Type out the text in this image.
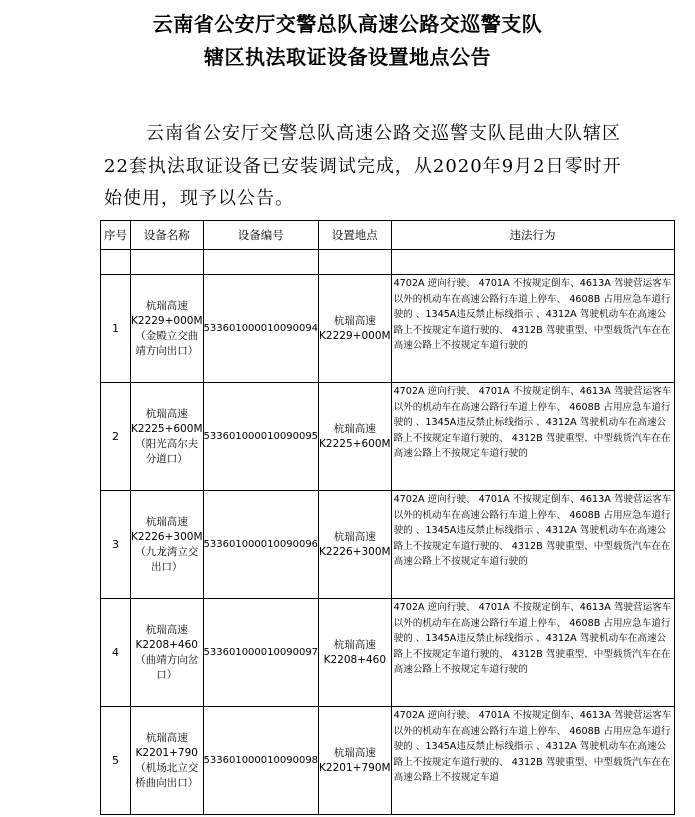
云南省公安厅交警总队高速公路交巡警支队
辖区执法取证设备设置地点公告

云南省公安厅交警总队高速公路交巡警支队昆曲大队辖区22套执法取证设备已安装调试完成，从2020年9月2日零时开始使用，现予以公告。

序号	设备名称	设备编号	设置地点	违法行为

1	杭瑞高速K2229+000M（金殿立交曲靖方向出口）	533601000010090094	杭瑞高速K2229+000M	4702A 逆向行驶、 4701A 不按规定倒车、4613A 驾驶营运客车以外的机动车在高速公路行车道上停车、 4608B 占用应急车道行驶的 、1345A违反禁止标线指示 、4312A 驾驶机动车在高速公路上不按规定车道行驶的、 4312B 驾驶重型、中型载货汽车在在高速公路上不按规定车道行驶的
2	杭瑞高速K2225+600M（阳光高尔夫分道口）	533601000010090095	杭瑞高速K2225+600M	4702A 逆向行驶、 4701A 不按规定倒车、4613A 驾驶营运客车以外的机动车在高速公路行车道上停车、 4608B 占用应急车道行驶的 、1345A违反禁止标线指示 、4312A 驾驶机动车在高速公路上不按规定车道行驶的、 4312B 驾驶重型、中型载货汽车在在高速公路上不按规定车道行驶的
3	杭瑞高速K2226+300M（九龙湾立交出口）	533601000010090096	杭瑞高速K2226+300M	4702A 逆向行驶、 4701A 不按规定倒车、4613A 驾驶营运客车以外的机动车在高速公路行车道上停车、 4608B 占用应急车道行驶的 、1345A违反禁止标线指示 、4312A 驾驶机动车在高速公路上不按规定车道行驶的、 4312B 驾驶重型、中型载货汽车在在高速公路上不按规定车道行驶的
4	杭瑞高速K2208+460（曲靖方向岔口）	533601000010090097	杭瑞高速K2208+460	4702A 逆向行驶、 4701A 不按规定倒车、4613A 驾驶营运客车以外的机动车在高速公路行车道上停车、 4608B 占用应急车道行驶的 、1345A违反禁止标线指示 、4312A 驾驶机动车在高速公路上不按规定车道行驶的、 4312B 驾驶重型、中型载货汽车在在高速公路上不按规定车道行驶的
5	杭瑞高速K2201+790（机场北立交桥曲向出口）	533601000010090098	杭瑞高速K2201+790M	4702A 逆向行驶、 4701A 不按规定倒车、4613A 驾驶营运客车以外的机动车在高速公路行车道上停车、 4608B 占用应急车道行驶的 、1345A违反禁止标线指示 、4312A 驾驶机动车在高速公路上不按规定车道行驶的、 4312B 驾驶重型、中型载货汽车在在高速公路上不按规定车道
